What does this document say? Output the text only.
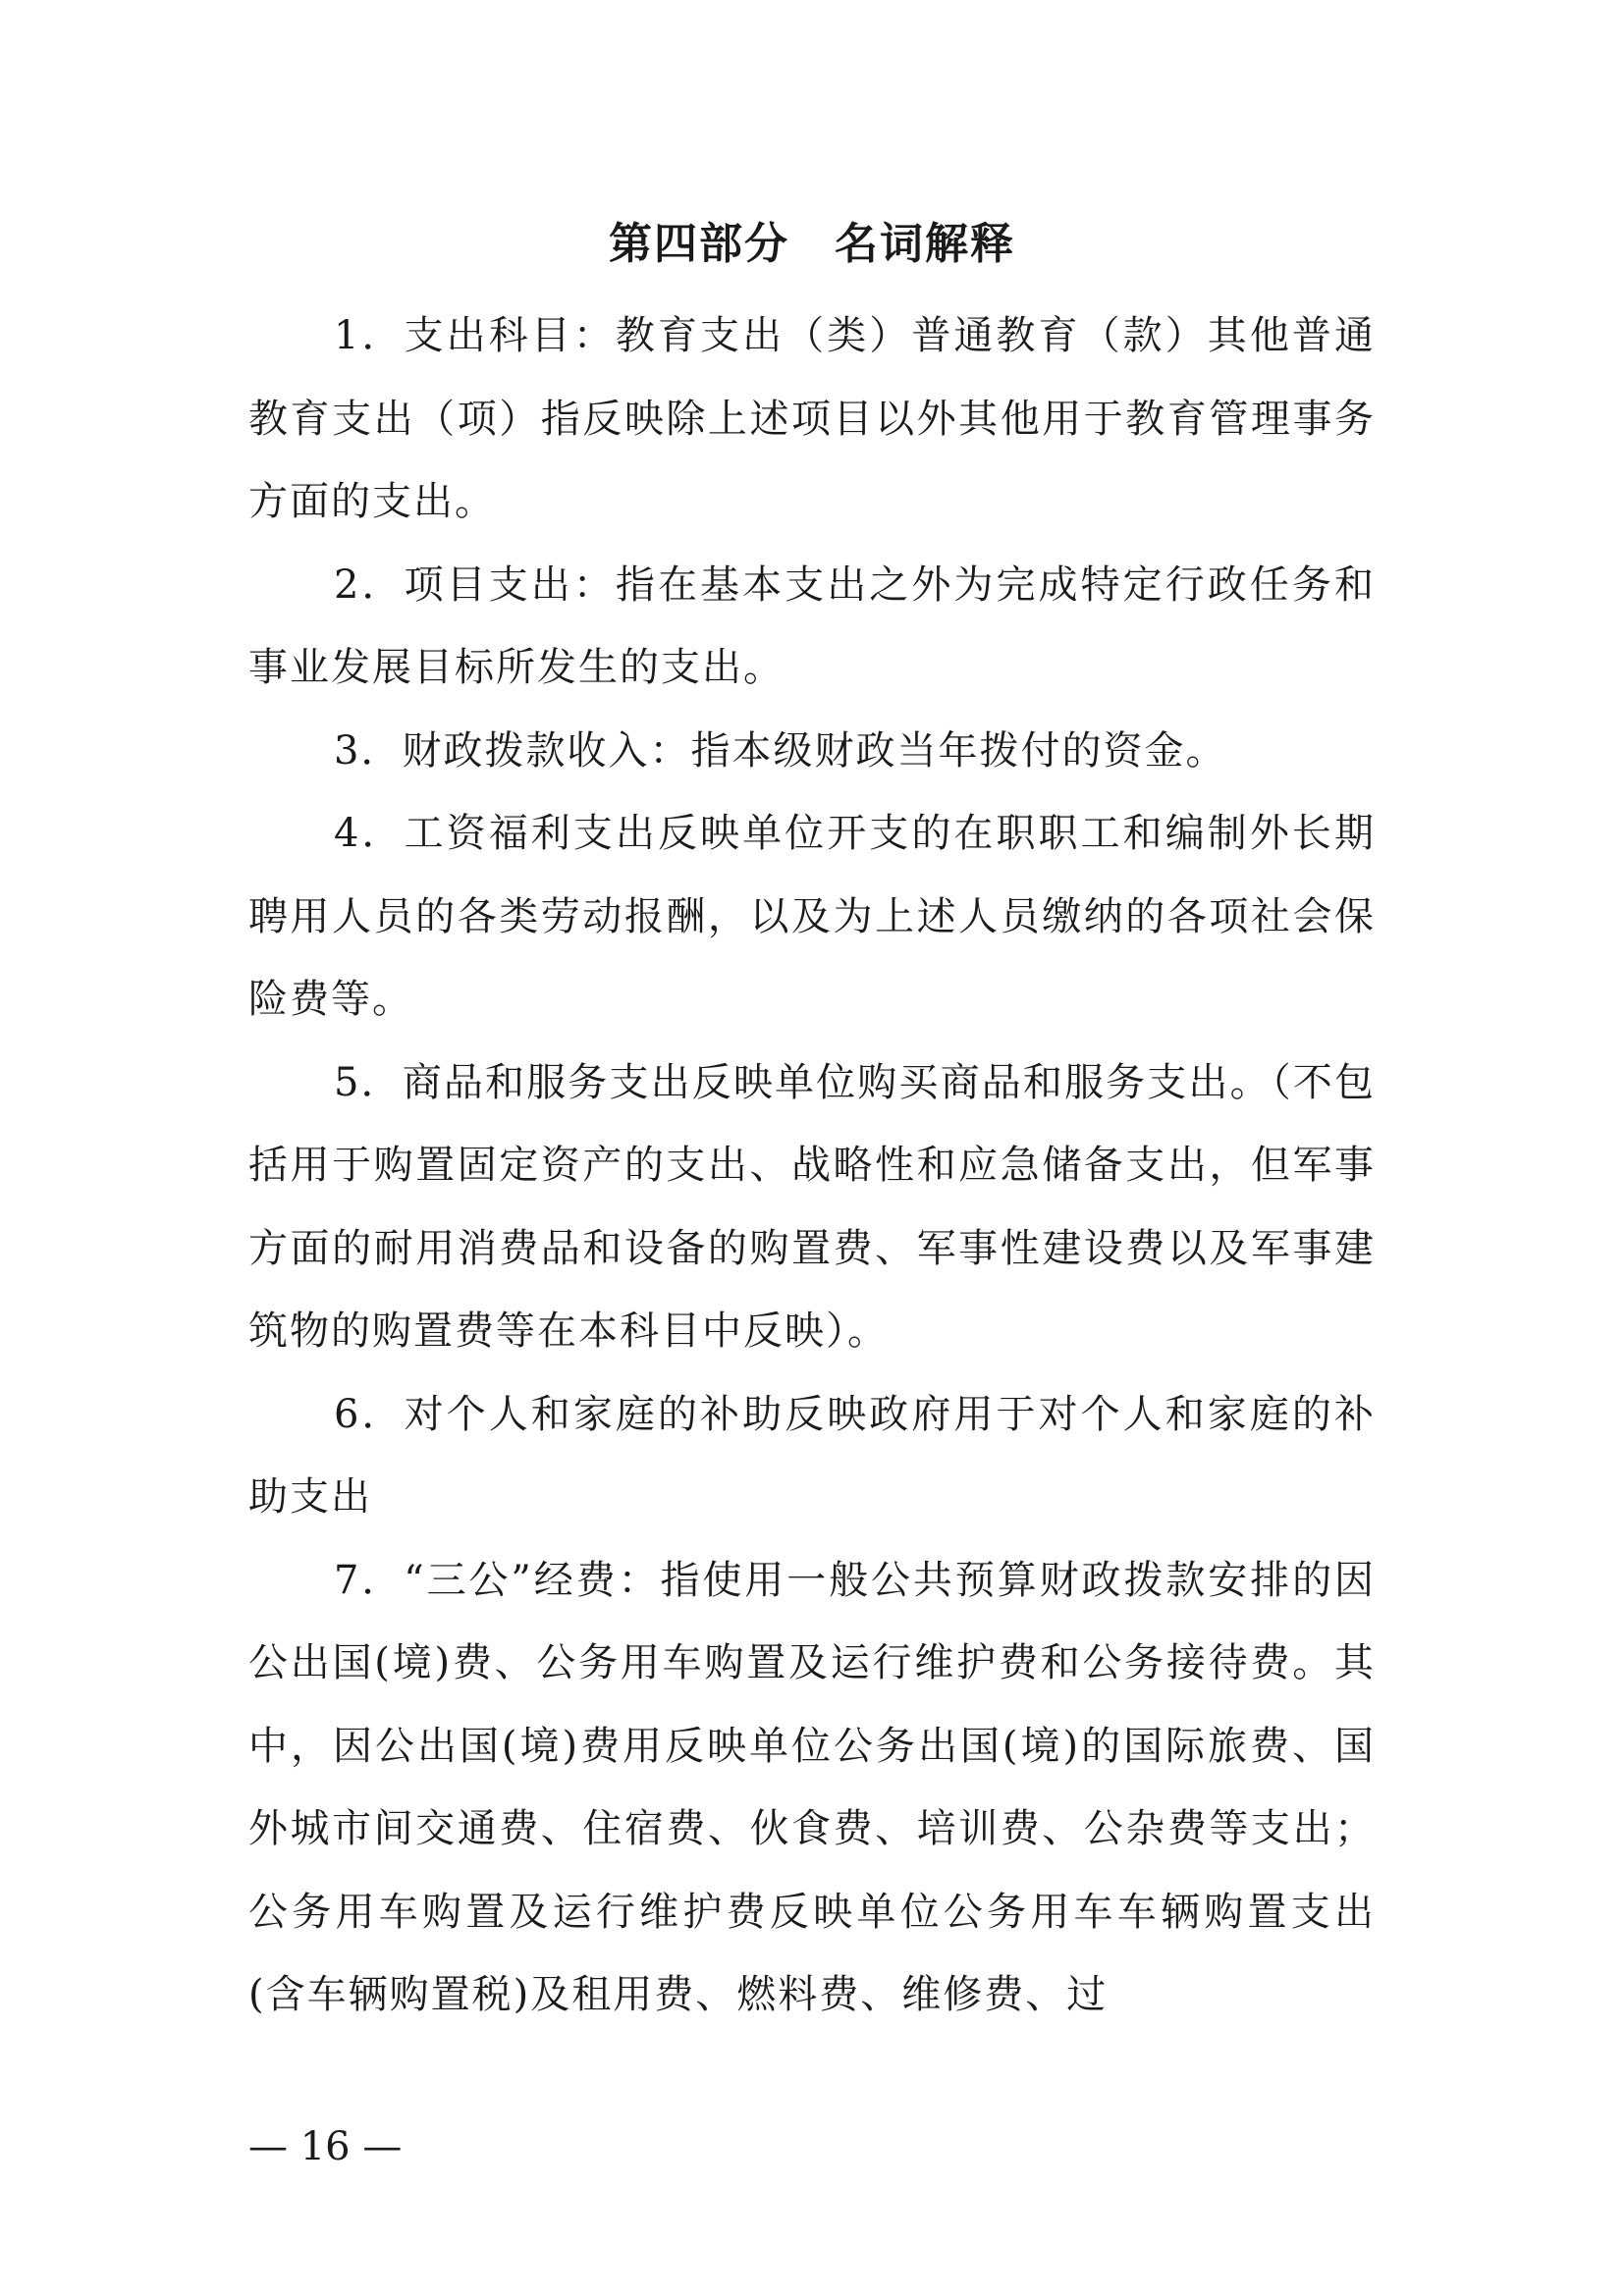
第四部分　名词解释

1．支出科目：教育支出（类）普通教育（款）其他普通教育支出（项）指反映除上述项目以外其他用于教育管理事务方面的支出。

2．项目支出：指在基本支出之外为完成特定行政任务和事业发展目标所发生的支出。

3．财政拨款收入：指本级财政当年拨付的资金。

4．工资福利支出反映单位开支的在职职工和编制外长期聘用人员的各类劳动报酬，以及为上述人员缴纳的各项社会保险费等。

5．商品和服务支出反映单位购买商品和服务支出。（不包括用于购置固定资产的支出、战略性和应急储备支出，但军事方面的耐用消费品和设备的购置费、军事性建设费以及军事建筑物的购置费等在本科目中反映）。

6．对个人和家庭的补助反映政府用于对个人和家庭的补助支出

7．“三公”经费：指使用一般公共预算财政拨款安排的因公出国(境)费、公务用车购置及运行维护费和公务接待费。其中，因公出国(境)费用反映单位公务出国(境)的国际旅费、国外城市间交通费、住宿费、伙食费、培训费、公杂费等支出；公务用车购置及运行维护费反映单位公务用车车辆购置支出(含车辆购置税)及租用费、燃料费、维修费、过

— 16 —
